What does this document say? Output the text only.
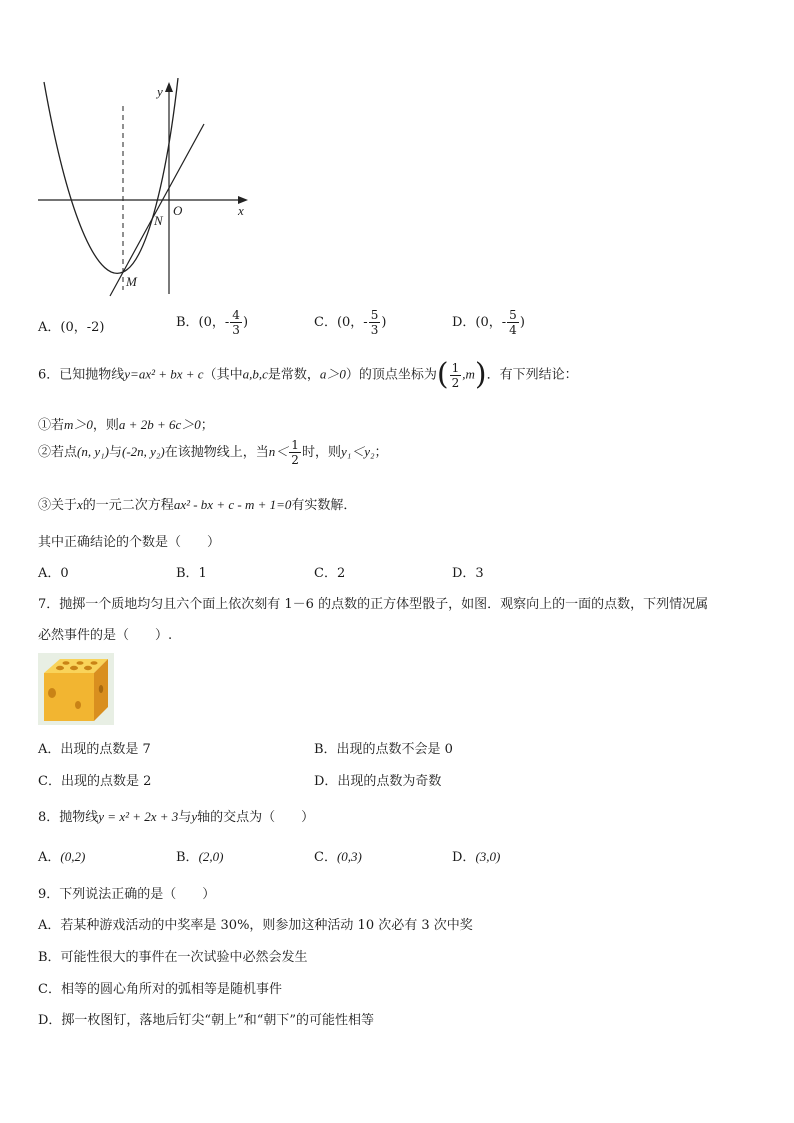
y
x
O
N
M
A．(0，-2)	B．(0，- $\frac{4}{3}$ )	C．(0，- $\frac{5}{3}$ )	D．(0，- $\frac{5}{4}$ )
6．已知抛物线y=ax² + bx + c（其中a,b,c是常数，a＞0）的顶点坐标为( $\frac{1}{2} ,m$)．有下列结论：
①若m＞0，则a + 2b + 6c＞0；
②若点(n, y₁)与(-2n, y₂)在该抛物线上，当$n< \frac{1}{2}$ 时，则y₁＜y₂；
③关于x的一元二次方程ax² - bx + c - m + 1=0有实数解．
其中正确结论的个数是（　　）
A．0	B．1	C．2	D．3
7．抛掷一个质地均匀且六个面上依次刻有 1－6 的点数的正方体型骰子，如图．观察向上的一面的点数，下列情况属
必然事件的是（　　）.
A．出现的点数是 7	B．出现的点数不会是 0
C．出现的点数是 2	D．出现的点数为奇数
8．抛物线y = x² + 2x + 3与y轴的交点为（　　）
A．(0,2)	B．(2,0)	C．(0,3)	D．(3,0)
9．下列说法正确的是（　　）
A．若某种游戏活动的中奖率是 30%，则参加这种活动 10 次必有 3 次中奖
B．可能性很大的事件在一次试验中必然会发生
C．相等的圆心角所对的弧相等是随机事件
D．掷一枚图钉，落地后钉尖“朝上”和“朝下”的可能性相等
